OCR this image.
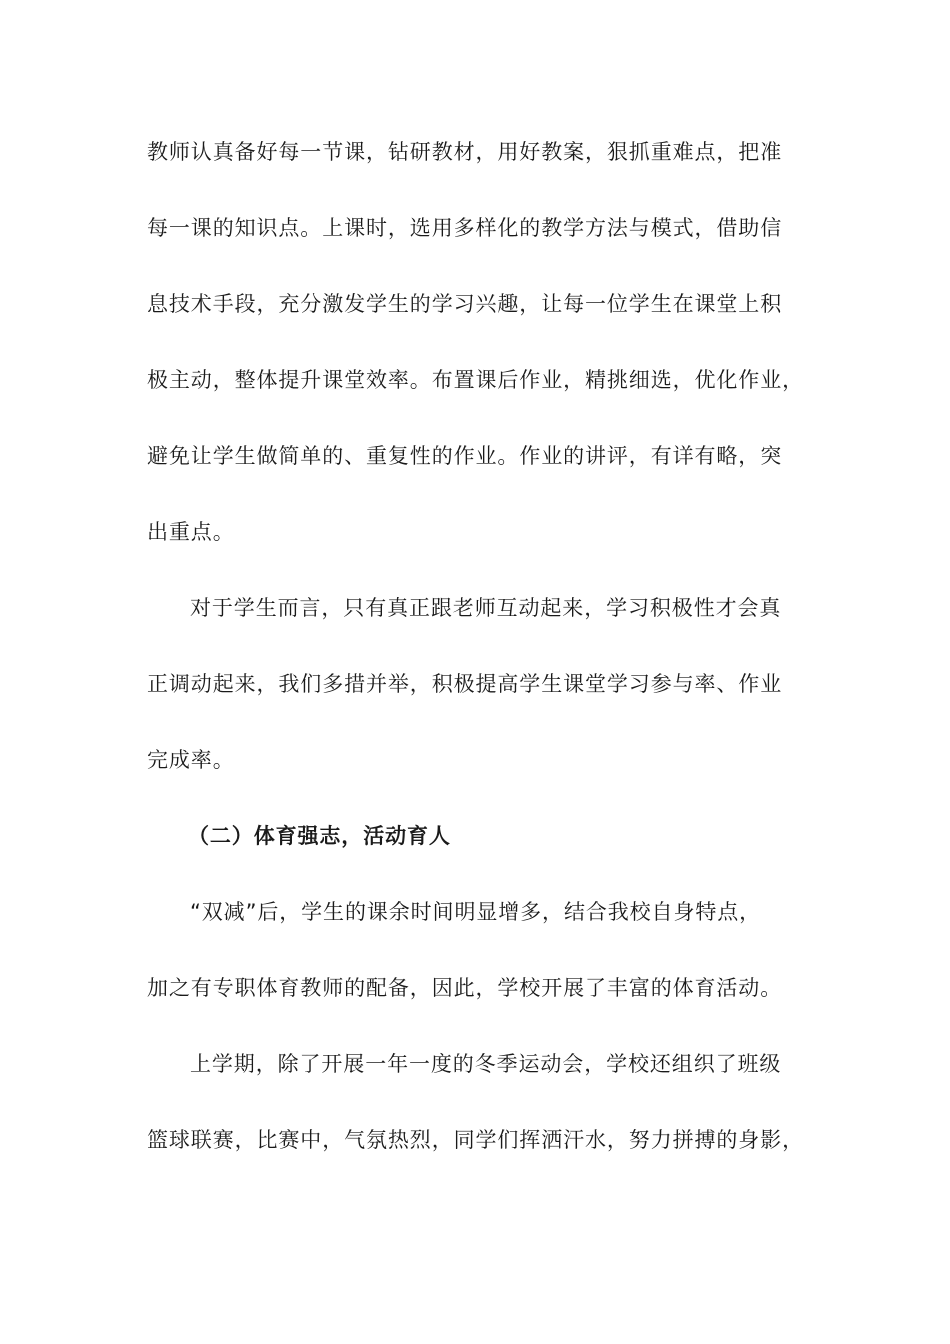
教师认真备好每一节课，钻研教材，用好教案，狠抓重难点，把准
每一课的知识点。上课时，选用多样化的教学方法与模式，借助信
息技术手段，充分激发学生的学习兴趣，让每一位学生在课堂上积
极主动，整体提升课堂效率。布置课后作业，精挑细选，优化作业，
避免让学生做简单的、重复性的作业。作业的讲评，有详有略，突
出重点。
对于学生而言，只有真正跟老师互动起来，学习积极性才会真
正调动起来，我们多措并举，积极提高学生课堂学习参与率、作业
完成率。
（二）体育强志，活动育人
“双减”后，学生的课余时间明显增多，结合我校自身特点，
加之有专职体育教师的配备，因此，学校开展了丰富的体育活动。
上学期，除了开展一年一度的冬季运动会，学校还组织了班级
篮球联赛，比赛中，气氛热烈，同学们挥洒汗水，努力拼搏的身影，
